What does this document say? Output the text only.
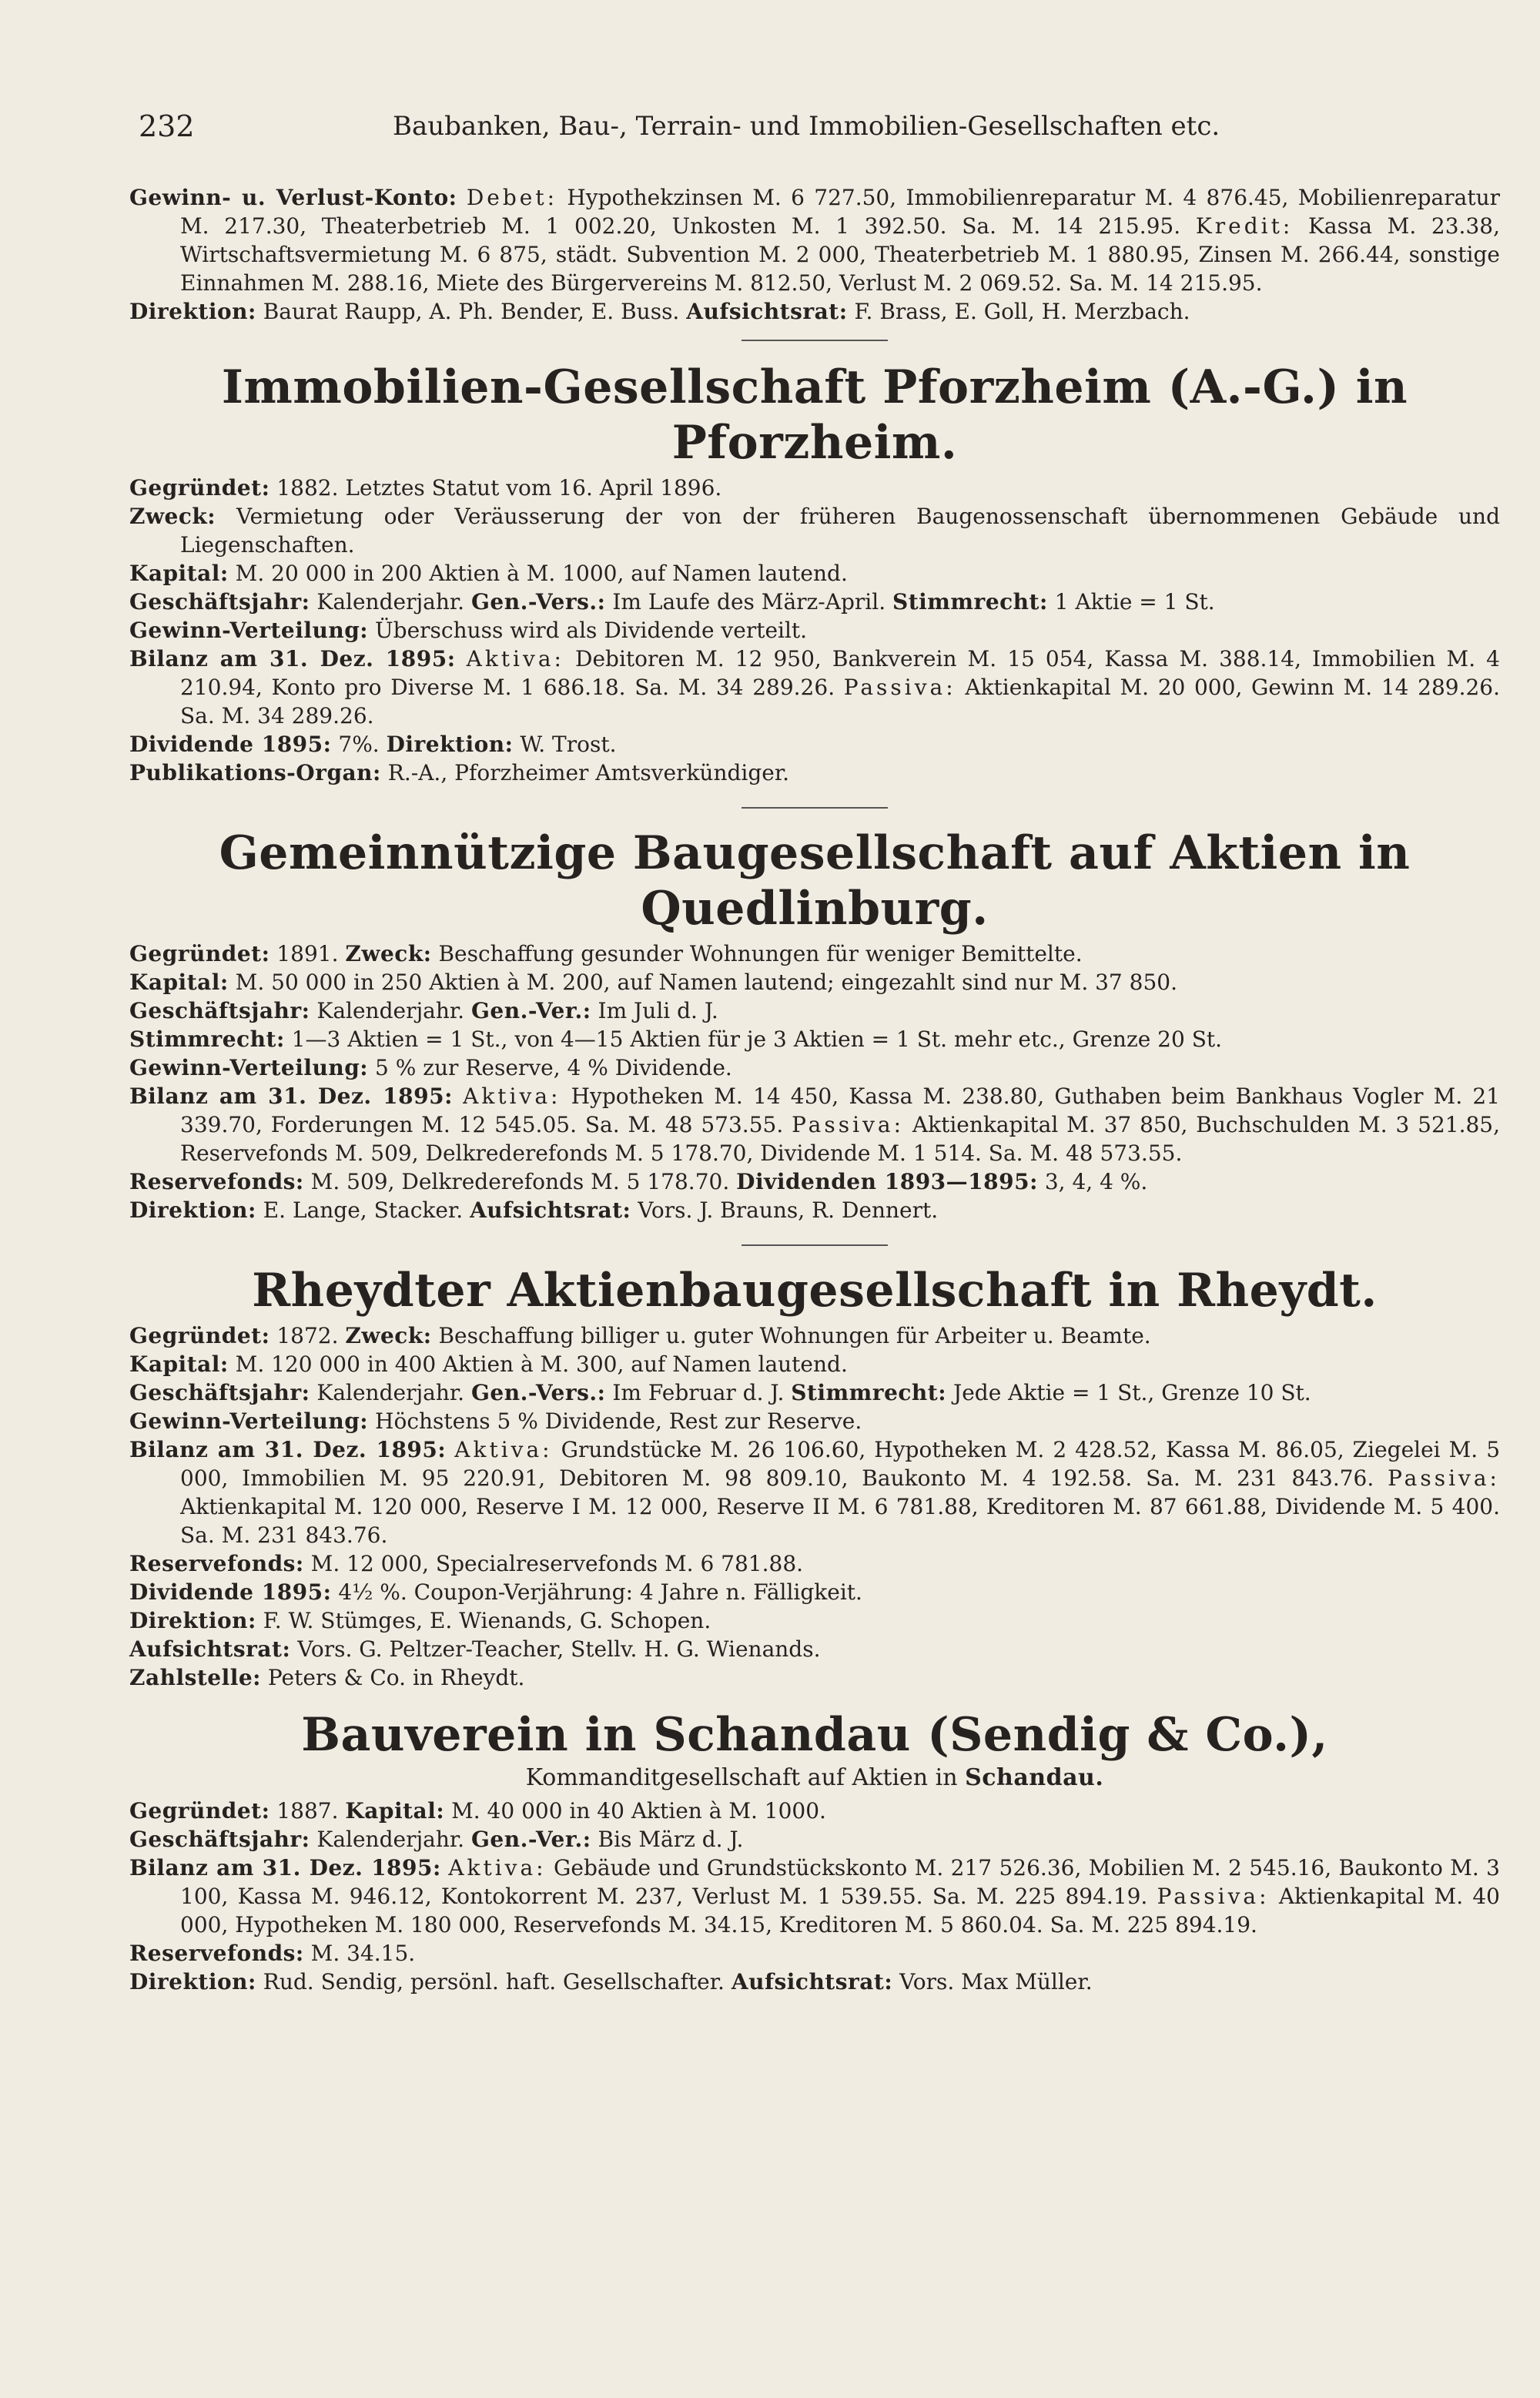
232	Baubanken, Bau-, Terrain- und Immobilien-Gesellschaften etc.

Gewinn- u. Verlust-Konto: Debet: Hypothekzinsen M. 6 727.50, Immobilienreparatur M. 4 876.45, Mobilienreparatur M. 217.30, Theaterbetrieb M. 1 002.20, Unkosten M. 1 392.50. Sa. M. 14 215.95. Kredit: Kassa M. 23.38, Wirtschaftsvermietung M. 6 875, städt. Subvention M. 2 000, Theaterbetrieb M. 1 880.95, Zinsen M. 266.44, sonstige Einnahmen M. 288.16, Miete des Bürgervereins M. 812.50, Verlust M. 2 069.52. Sa. M. 14 215.95.

Direktion: Baurat Raupp, A. Ph. Bender, E. Buss. Aufsichtsrat: F. Brass, E. Goll, H. Merzbach.

Immobilien-Gesellschaft Pforzheim (A.-G.) in Pforzheim.

Gegründet: 1882. Letztes Statut vom 16. April 1896.

Zweck: Vermietung oder Veräusserung der von der früheren Baugenossenschaft übernommenen Gebäude und Liegenschaften.

Kapital: M. 20 000 in 200 Aktien à M. 1000, auf Namen lautend.

Geschäftsjahr: Kalenderjahr. Gen.-Vers.: Im Laufe des März-April. Stimmrecht: 1 Aktie = 1 St.

Gewinn-Verteilung: Überschuss wird als Dividende verteilt.

Bilanz am 31. Dez. 1895: Aktiva: Debitoren M. 12 950, Bankverein M. 15 054, Kassa M. 388.14, Immobilien M. 4 210.94, Konto pro Diverse M. 1 686.18. Sa. M. 34 289.26. Passiva: Aktienkapital M. 20 000, Gewinn M. 14 289.26. Sa. M. 34 289.26.

Dividende 1895: 7%. Direktion: W. Trost.

Publikations-Organ: R.-A., Pforzheimer Amtsverkündiger.

Gemeinnützige Baugesellschaft auf Aktien in Quedlinburg.

Gegründet: 1891. Zweck: Beschaffung gesunder Wohnungen für weniger Bemittelte.

Kapital: M. 50 000 in 250 Aktien à M. 200, auf Namen lautend; eingezahlt sind nur M. 37 850.

Geschäftsjahr: Kalenderjahr. Gen.-Ver.: Im Juli d. J.

Stimmrecht: 1—3 Aktien = 1 St., von 4—15 Aktien für je 3 Aktien = 1 St. mehr etc., Grenze 20 St.

Gewinn-Verteilung: 5 % zur Reserve, 4 % Dividende.

Bilanz am 31. Dez. 1895: Aktiva: Hypotheken M. 14 450, Kassa M. 238.80, Guthaben beim Bankhaus Vogler M. 21 339.70, Forderungen M. 12 545.05. Sa. M. 48 573.55. Passiva: Aktienkapital M. 37 850, Buchschulden M. 3 521.85, Reservefonds M. 509, Delkrederefonds M. 5 178.70, Dividende M. 1 514. Sa. M. 48 573.55.

Reservefonds: M. 509, Delkrederefonds M. 5 178.70. Dividenden 1893—1895: 3, 4, 4 %.

Direktion: E. Lange, Stacker. Aufsichtsrat: Vors. J. Brauns, R. Dennert.

Rheydter Aktienbaugesellschaft in Rheydt.

Gegründet: 1872. Zweck: Beschaffung billiger u. guter Wohnungen für Arbeiter u. Beamte.

Kapital: M. 120 000 in 400 Aktien à M. 300, auf Namen lautend.

Geschäftsjahr: Kalenderjahr. Gen.-Vers.: Im Februar d. J. Stimmrecht: Jede Aktie = 1 St., Grenze 10 St.

Gewinn-Verteilung: Höchstens 5 % Dividende, Rest zur Reserve.

Bilanz am 31. Dez. 1895: Aktiva: Grundstücke M. 26 106.60, Hypotheken M. 2 428.52, Kassa M. 86.05, Ziegelei M. 5 000, Immobilien M. 95 220.91, Debitoren M. 98 809.10, Baukonto M. 4 192.58. Sa. M. 231 843.76. Passiva: Aktienkapital M. 120 000, Reserve I M. 12 000, Reserve II M. 6 781.88, Kreditoren M. 87 661.88, Dividende M. 5 400. Sa. M. 231 843.76.

Reservefonds: M. 12 000, Specialreservefonds M. 6 781.88.

Dividende 1895: 4½ %. Coupon-Verjährung: 4 Jahre n. Fälligkeit.

Direktion: F. W. Stümges, E. Wienands, G. Schopen.

Aufsichtsrat: Vors. G. Peltzer-Teacher, Stellv. H. G. Wienands.

Zahlstelle: Peters & Co. in Rheydt.

Bauverein in Schandau (Sendig & Co.),
Kommanditgesellschaft auf Aktien in Schandau.

Gegründet: 1887. Kapital: M. 40 000 in 40 Aktien à M. 1000.

Geschäftsjahr: Kalenderjahr. Gen.-Ver.: Bis März d. J.

Bilanz am 31. Dez. 1895: Aktiva: Gebäude und Grundstückskonto M. 217 526.36, Mobilien M. 2 545.16, Baukonto M. 3 100, Kassa M. 946.12, Kontokorrent M. 237, Verlust M. 1 539.55. Sa. M. 225 894.19. Passiva: Aktienkapital M. 40 000, Hypotheken M. 180 000, Reservefonds M. 34.15, Kreditoren M. 5 860.04. Sa. M. 225 894.19.

Reservefonds: M. 34.15.

Direktion: Rud. Sendig, persönl. haft. Gesellschafter. Aufsichtsrat: Vors. Max Müller.
